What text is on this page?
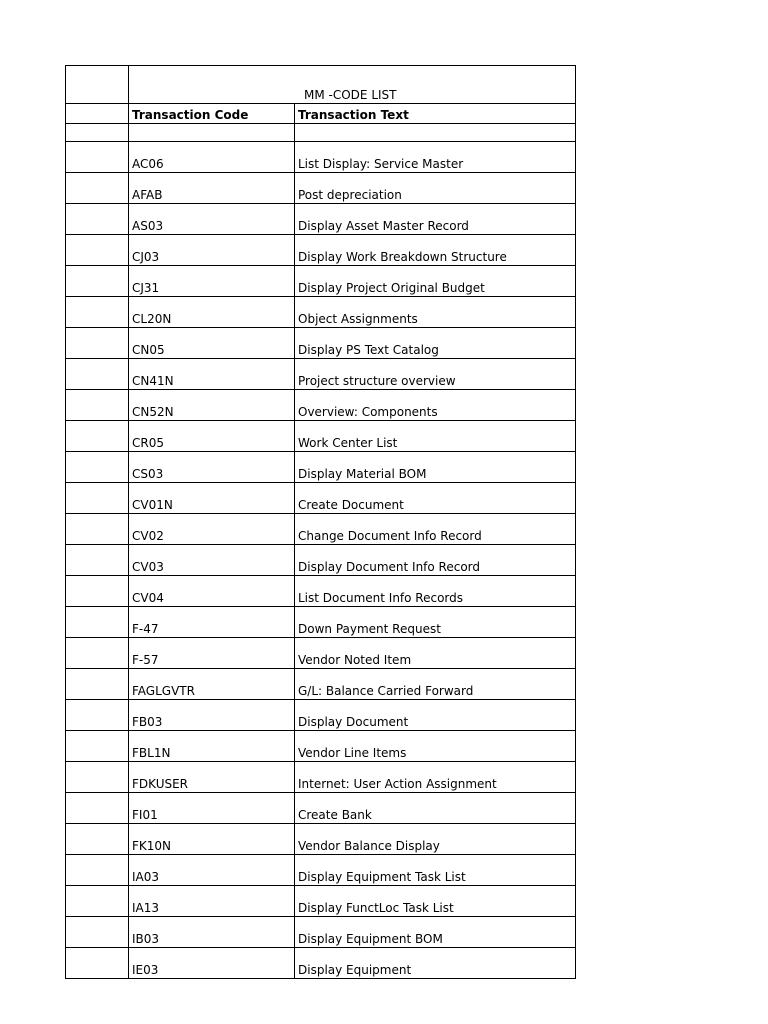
	MM -CODE LIST	
	Transaction Code	Transaction Text

	AC06	List Display: Service Master
	AFAB	Post depreciation
	AS03	Display Asset Master Record
	CJ03	Display Work Breakdown Structure
	CJ31	Display Project Original Budget
	CL20N	Object Assignments
	CN05	Display PS Text Catalog
	CN41N	Project structure overview
	CN52N	Overview: Components
	CR05	Work Center List
	CS03	Display Material BOM
	CV01N	Create Document
	CV02	Change Document Info Record
	CV03	Display Document Info Record
	CV04	List Document Info Records
	F-47	Down Payment Request
	F-57	Vendor Noted Item
	FAGLGVTR	G/L: Balance Carried Forward
	FB03	Display Document
	FBL1N	Vendor Line Items
	FDKUSER	Internet: User Action Assignment
	FI01	Create Bank
	FK10N	Vendor Balance Display
	IA03	Display Equipment Task List
	IA13	Display FunctLoc Task List
	IB03	Display Equipment BOM
	IE03	Display Equipment
